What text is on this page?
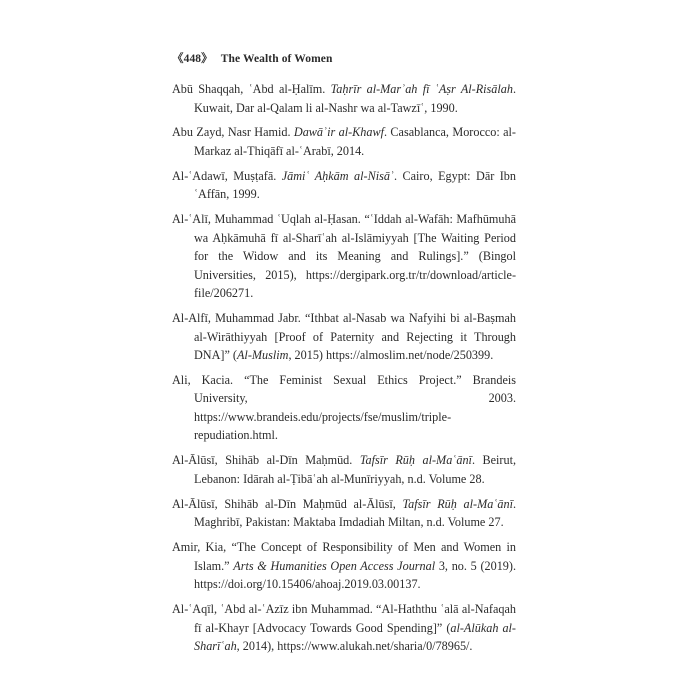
《448》 The Wealth of Women
Abū Shaqqah, ʿAbd al-Ḥalīm. Taḥrīr al-Marʾah fī ʿAṣr Al-Risālah. Kuwait, Dar al-Qalam li al-Nashr wa al-Tawzīʿ, 1990.
Abu Zayd, Nasr Hamid. Dawāʾir al-Khawf. Casablanca, Morocco: al-Markaz al-Thiqāfī al-ʿArabī, 2014.
Al-ʿAdawī, Muṣṭafā. Jāmiʿ Aḥkām al-Nisāʾ. Cairo, Egypt: Dār Ibn ʿAffān, 1999.
Al-ʿAlī, Muhammad ʿUqlah al-Ḥasan. “ʿIddah al-Wafāh: Mafhūmuhā wa Aḥkāmuhā fī al-Sharīʿah al-Islāmiyyah [The Waiting Period for the Widow and its Meaning and Rulings].” (Bingol Universities, 2015), https://dergipark.org.tr/tr/download/article-file/206271.
Al-Alfī, Muhammad Jabr. “Ithbat al-Nasab wa Nafyihi bi al-Baṣmah al-Wirāthiyyah [Proof of Paternity and Rejecting it Through DNA]” (Al-Muslim, 2015) https://almoslim.net/node/250399.
Ali, Kacia. “The Feminist Sexual Ethics Project.” Brandeis University, 2003. https://www.brandeis.edu/projects/fse/muslim/triple-repudiation.html.
Al-Ālūsī, Shihāb al-Dīn Maḥmūd. Tafsīr Rūḥ al-Maʿānī. Beirut, Lebanon: Idārah al-Ṭibāʿah al-Munīriyyah, n.d. Volume 28.
Al-Ālūsī, Shihāb al-Dīn Maḥmūd al-Ālūsī, Tafsīr Rūḥ al-Maʿānī. Maghribī, Pakistan: Maktaba Imdadiah Miltan, n.d. Volume 27.
Amir, Kia, “The Concept of Responsibility of Men and Women in Islam.” Arts & Humanities Open Access Journal 3, no. 5 (2019). https://doi.org/10.15406/ahoaj.2019.03.00137.
Al-ʿAqīl, ʿAbd al-ʿAzīz ibn Muhammad. “Al-Haththu ʿalā al-Nafaqah fī al-Khayr [Advocacy Towards Good Spending]” (al-Alūkah al-Sharīʿah, 2014), https://www.alukah.net/sharia/0/78965/.
